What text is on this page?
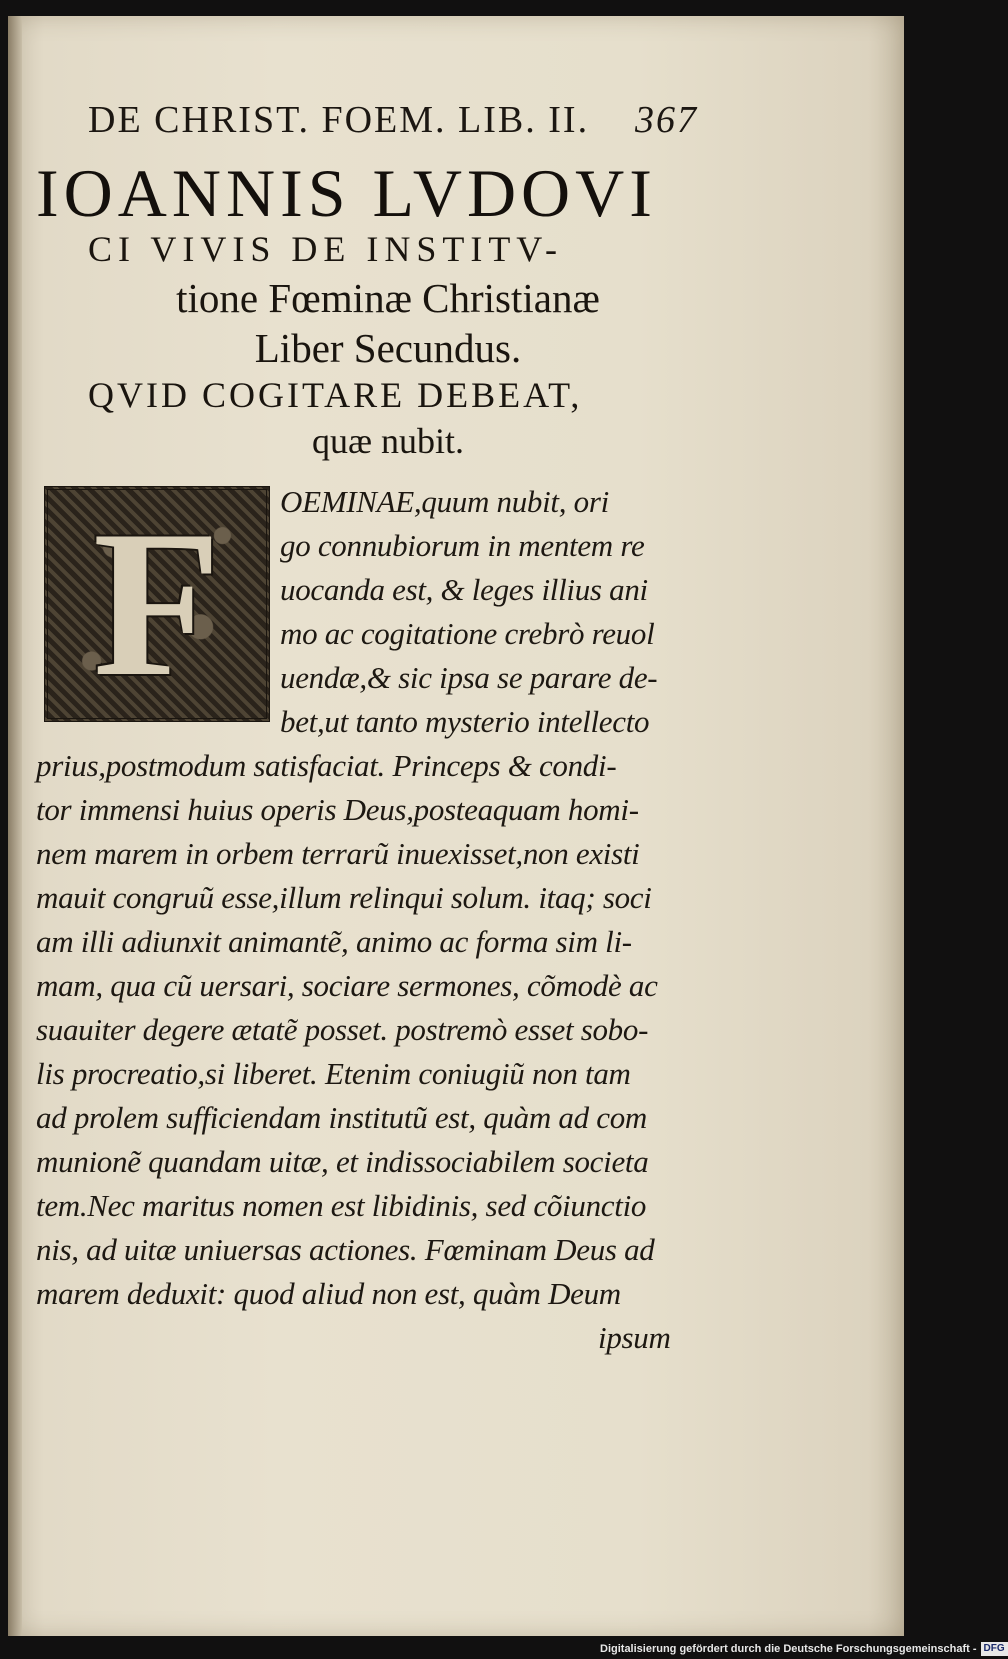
DE CHRIST. FOEM. LIB. II. 367
IOANNIS LVDOVI
CI VIVIS DE INSTITV-
tione Fœminæ Christianæ
Liber Secundus.
QVID COGITARE DEBEAT,
quæ nubit.
F	OEMINAE,quum nubit, ori
go connubiorum in mentem re
uocanda est, & leges illius ani
mo ac cogitatione crebrò reuol
uendæ,& sic ipsa se parare de-
bet,ut tanto mysterio intellecto
prius,postmodum satisfaciat. Princeps & condi-
tor immensi huius operis Deus,posteaquam homi-
nem marem in orbem terrarũ inuexisset,non existi
mauit congruũ esse,illum relinqui solum. itaq; soci
am illi adiunxit animantẽ, animo ac forma sim li-
mam, qua cũ uersari, sociare sermones, cõmodè ac
suauiter degere ætatẽ posset. postremò esset sobo-
lis procreatio,si liberet. Etenim coniugiũ non tam
ad prolem sufficiendam institutũ est, quàm ad com
munionẽ quandam uitæ, et indissociabilem societa
tem.Nec maritus nomen est libidinis, sed cõiunctio
nis, ad uitæ uniuersas actiones. Fœminam Deus ad
marem deduxit: quod aliud non est, quàm Deum
ipsum
Digitalisierung gefördert durch die Deutsche Forschungsgemeinschaft - DFG
